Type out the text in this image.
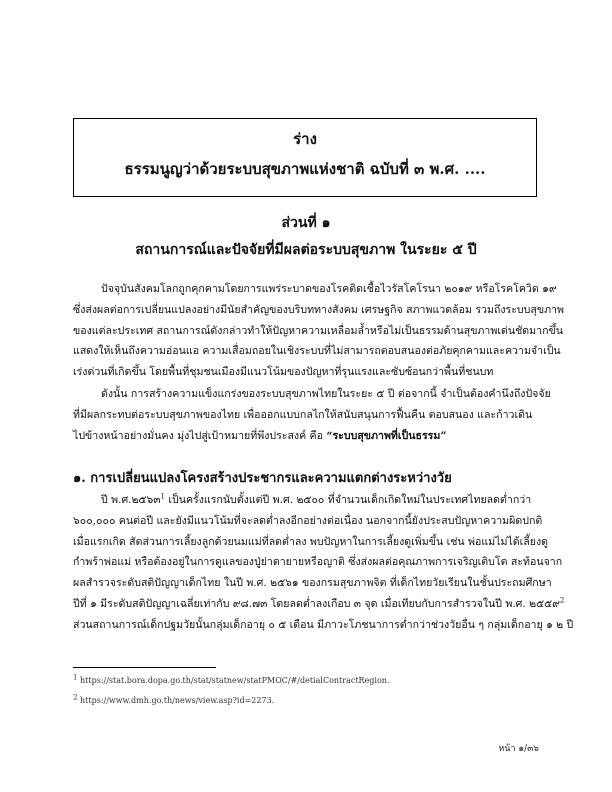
ร่าง
ธรรมนูญว่าด้วยระบบสุขภาพแห่งชาติ ฉบับที่ ๓ พ.ศ. ....
ส่วนที่ ๑
สถานการณ์และปัจจัยที่มีผลต่อระบบสุขภาพ ในระยะ ๕ ปี
ปัจจุบันสังคมโลกถูกคุกคามโดยการแพร่ระบาดของโรคติดเชื้อไวรัสโคโรนา ๒๐๑๙ หรือโรคโควิด ๑๙
ซึ่งส่งผลต่อการเปลี่ยนแปลงอย่างมีนัยสำคัญของบริบททางสังคม เศรษฐกิจ สภาพแวดล้อม รวมถึงระบบสุขภาพ
ของแต่ละประเทศ สถานการณ์ดังกล่าวทำให้ปัญหาความเหลื่อมล้ำหรือไม่เป็นธรรมด้านสุขภาพเด่นชัดมากขึ้น
แสดงให้เห็นถึงความอ่อนแอ ความเสื่อมถอยในเชิงระบบที่ไม่สามารถตอบสนองต่อภัยคุกคามและความจำเป็น
เร่งด่วนที่เกิดขึ้น โดยพื้นที่ชุมชนเมืองมีแนวโน้มของปัญหาที่รุนแรงและซับซ้อนกว่าพื้นที่ชนบท
ดังนั้น การสร้างความแข็งแกร่งของระบบสุขภาพไทยในระยะ ๕ ปี ต่อจากนี้ จำเป็นต้องคำนึงถึงปัจจัย
ที่มีผลกระทบต่อระบบสุขภาพของไทย เพื่อออกแบบกลไกให้สนับสนุนการฟื้นคืน ตอบสนอง และก้าวเดิน
ไปข้างหน้าอย่างมั่นคง มุ่งไปสู่เป้าหมายที่พึงประสงค์ คือ “ระบบสุขภาพที่เป็นธรรม”
๑. การเปลี่ยนแปลงโครงสร้างประชากรและความแตกต่างระหว่างวัย
ปี พ.ศ.๒๕๖๓$^1$ เป็นครั้งแรกนับตั้งแต่ปี พ.ศ. ๒๕๐๐ ที่จำนวนเด็กเกิดใหม่ในประเทศไทยลดต่ำกว่า
๖๐๐,๐๐๐ คนต่อปี และยังมีแนวโน้มที่จะลดต่ำลงอีกอย่างต่อเนื่อง นอกจากนี้ยังประสบปัญหาความผิดปกติ
เมื่อแรกเกิด สัดส่วนการเลี้ยงลูกด้วยนมแม่ที่ลดต่ำลง พบปัญหาในการเลี้ยงดูเพิ่มขึ้น เช่น พ่อแม่ไม่ได้เลี้ยงดู
กำพร้าพ่อแม่ หรือต้องอยู่ในการดูแลของปู่ย่าตายายหรือญาติ ซึ่งส่งผลต่อคุณภาพการเจริญเติบโต สะท้อนจาก
ผลสำรวจระดับสติปัญญาเด็กไทย ในปี พ.ศ. ๒๕๖๑ ของกรมสุขภาพจิต ที่เด็กไทยวัยเรียนในชั้นประถมศึกษา
ปีที่ ๑ มีระดับสติปัญญาเฉลี่ยเท่ากับ ๙๘.๗๓ โดยลดต่ำลงเกือบ ๓ จุด เมื่อเทียบกับการสำรวจในปี พ.ศ. ๒๕๕๙$^2$
ส่วนสถานการณ์เด็กปฐมวัยนั้นกลุ่มเด็กอายุ ๐ ๕ เดือน มีภาวะโภชนาการต่ำกว่าช่วงวัยอื่น ๆ กลุ่มเด็กอายุ ๑ ๒ ปี
1 https://stat.bora.dopa.go.th/stat/statnew/statPMOC/#/detialContractRegion.
2 https://www.dmh.go.th/news/view.asp?id=2273.
หน้า ๑/๓๖
